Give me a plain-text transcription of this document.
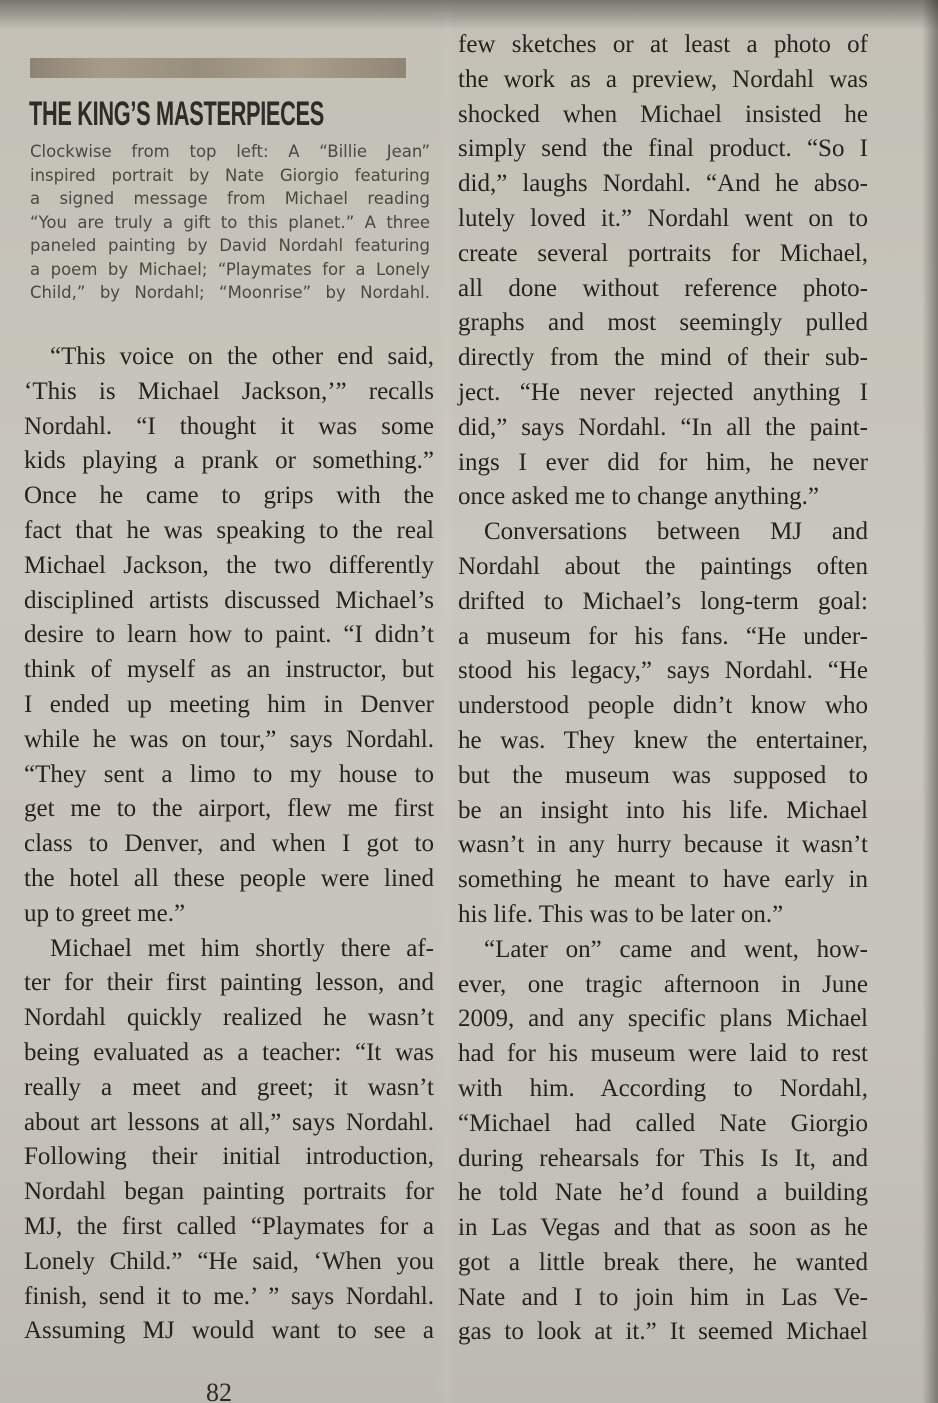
THE KING’S MASTERPIECES
Clockwise from top left: A “Billie Jean”
inspired portrait by Nate Giorgio featuring
a signed message from Michael reading
“You are truly a gift to this planet.” A three
paneled painting by David Nordahl featuring
a poem by Michael; “Playmates for a Lonely
Child,” by Nordahl; “Moonrise” by Nordahl.
“This voice on the other end said,
‘This is Michael Jackson,’” recalls
Nordahl. “I thought it was some
kids playing a prank or something.”
Once he came to grips with the
fact that he was speaking to the real
Michael Jackson, the two differently
disciplined artists discussed Michael’s
desire to learn how to paint. “I didn’t
think of myself as an instructor, but
I ended up meeting him in Denver
while he was on tour,” says Nordahl.
“They sent a limo to my house to
get me to the airport, flew me first
class to Denver, and when I got to
the hotel all these people were lined
up to greet me.”
Michael met him shortly there af-
ter for their first painting lesson, and
Nordahl quickly realized he wasn’t
being evaluated as a teacher: “It was
really a meet and greet; it wasn’t
about art lessons at all,” says Nordahl.
Following their initial introduction,
Nordahl began painting portraits for
MJ, the first called “Playmates for a
Lonely Child.” “He said, ‘When you
finish, send it to me.’ ” says Nordahl.
Assuming MJ would want to see a
few sketches or at least a photo of
the work as a preview, Nordahl was
shocked when Michael insisted he
simply send the final product. “So I
did,” laughs Nordahl. “And he abso-
lutely loved it.” Nordahl went on to
create several portraits for Michael,
all done without reference photo-
graphs and most seemingly pulled
directly from the mind of their sub-
ject. “He never rejected anything I
did,” says Nordahl. “In all the paint-
ings I ever did for him, he never
once asked me to change anything.”
Conversations between MJ and
Nordahl about the paintings often
drifted to Michael’s long-term goal:
a museum for his fans. “He under-
stood his legacy,” says Nordahl. “He
understood people didn’t know who
he was. They knew the entertainer,
but the museum was supposed to
be an insight into his life. Michael
wasn’t in any hurry because it wasn’t
something he meant to have early in
his life. This was to be later on.”
“Later on” came and went, how-
ever, one tragic afternoon in June
2009, and any specific plans Michael
had for his museum were laid to rest
with him. According to Nordahl,
“Michael had called Nate Giorgio
during rehearsals for This Is It, and
he told Nate he’d found a building
in Las Vegas and that as soon as he
got a little break there, he wanted
Nate and I to join him in Las Ve-
gas to look at it.” It seemed Michael
82
